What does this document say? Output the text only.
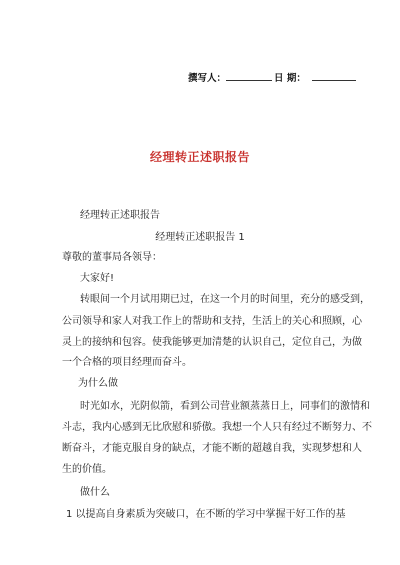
撰写人：	日 期：
经理转正述职报告
经理转正述职报告
经理转正述职报告 1
尊敬的董事局各领导：
大家好!
转眼间一个月试用期已过，在这一个月的时间里，充分的感受到，
公司领导和家人对我工作上的帮助和支持，生活上的关心和照顾，心
灵上的接纳和包容。使我能够更加清楚的认识自己，定位自己，为做
一个合格的项目经理而奋斗。
为什么做
时光如水，光阴似箭，看到公司营业额蒸蒸日上，同事们的激情和
斗志，我内心感到无比欣慰和骄傲。我想一个人只有经过不断努力、不
断奋斗，才能克服自身的缺点，才能不断的超越自我，实现梦想和人
生的价值。
做什么
1 以提高自身素质为突破口，在不断的学习中掌握干好工作的基
